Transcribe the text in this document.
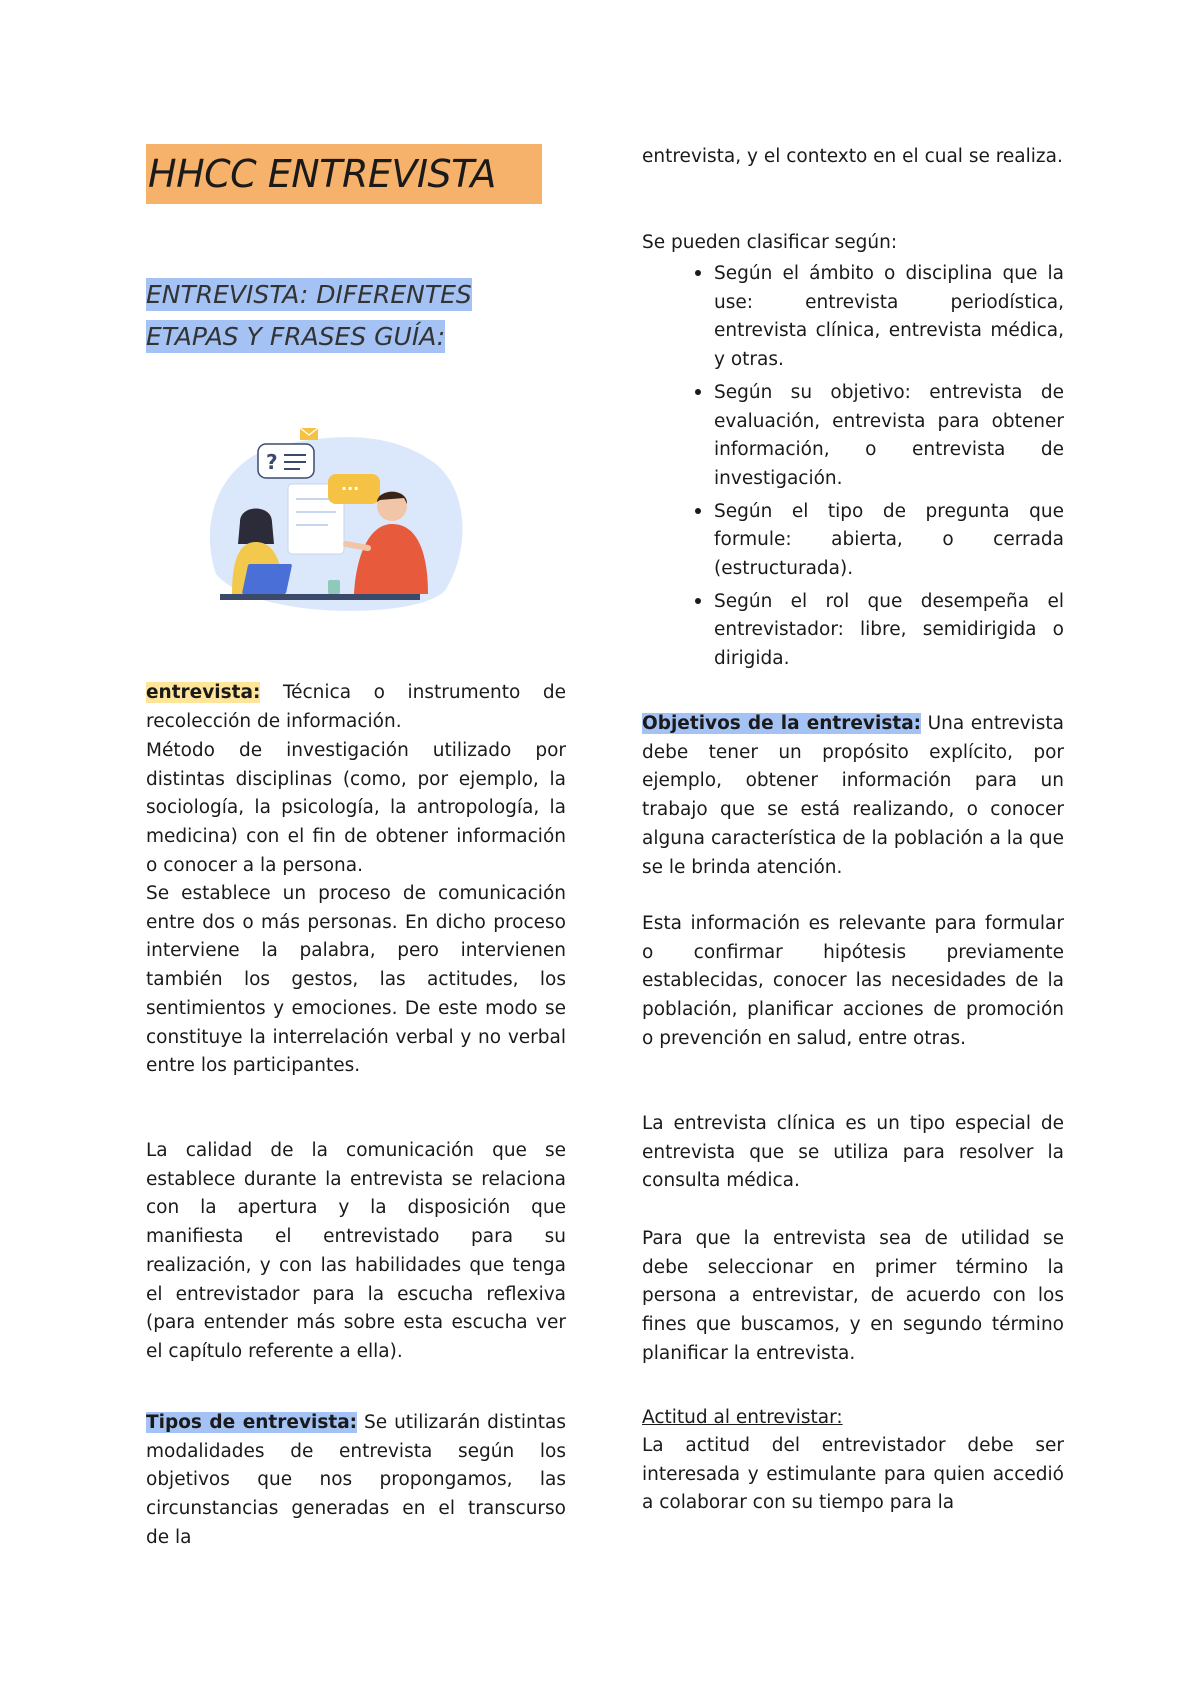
HHCC ENTREVISTA
ENTREVISTA: DIFERENTES
ETAPAS Y FRASES GUÍA:
?
...

entrevista: Técnica o instrumento de recolección de información.

Método de investigación utilizado por distintas disciplinas (como, por ejemplo, la sociología, la psicología, la antropología, la medicina) con el fin de obtener información o conocer a la persona.

Se establece un proceso de comunicación entre dos o más personas. En dicho proceso interviene la palabra, pero intervienen también los gestos, las actitudes, los sentimientos y emociones. De este modo se constituye la interrelación verbal y no verbal entre los participantes.

La calidad de la comunicación que se establece durante la entrevista se relaciona con la apertura y la disposición que manifiesta el entrevistado para su realización, y con las habilidades que tenga el entrevistador para la escucha reflexiva (para entender más sobre esta escucha ver el capítulo referente a ella).

Tipos de entrevista: Se utilizarán distintas modalidades de entrevista según los objetivos que nos propongamos, las circunstancias generadas en el transcurso de la

entrevista, y el contexto en el cual se realiza.

Se pueden clasificar según:

• Según el ámbito o disciplina que la use: entrevista periodística, entrevista clínica, entrevista médica, y otras.
• Según su objetivo: entrevista de evaluación, entrevista para obtener información, o entrevista de investigación.
• Según el tipo de pregunta que formule: abierta, o cerrada (estructurada).
• Según el rol que desempeña el entrevistador: libre, semidirigida o dirigida.

Objetivos de la entrevista: Una entrevista debe tener un propósito explícito, por ejemplo, obtener información para un trabajo que se está realizando, o conocer alguna característica de la población a la que se le brinda atención.

Esta información es relevante para formular o confirmar hipótesis previamente establecidas, conocer las necesidades de la población, planificar acciones de promoción o prevención en salud, entre otras.

La entrevista clínica es un tipo especial de entrevista que se utiliza para resolver la consulta médica.

Para que la entrevista sea de utilidad se debe seleccionar en primer término la persona a entrevistar, de acuerdo con los fines que buscamos, y en segundo término planificar la entrevista.

Actitud al entrevistar:

La actitud del entrevistador debe ser interesada y estimulante para quien accedió a colaborar con su tiempo para la
